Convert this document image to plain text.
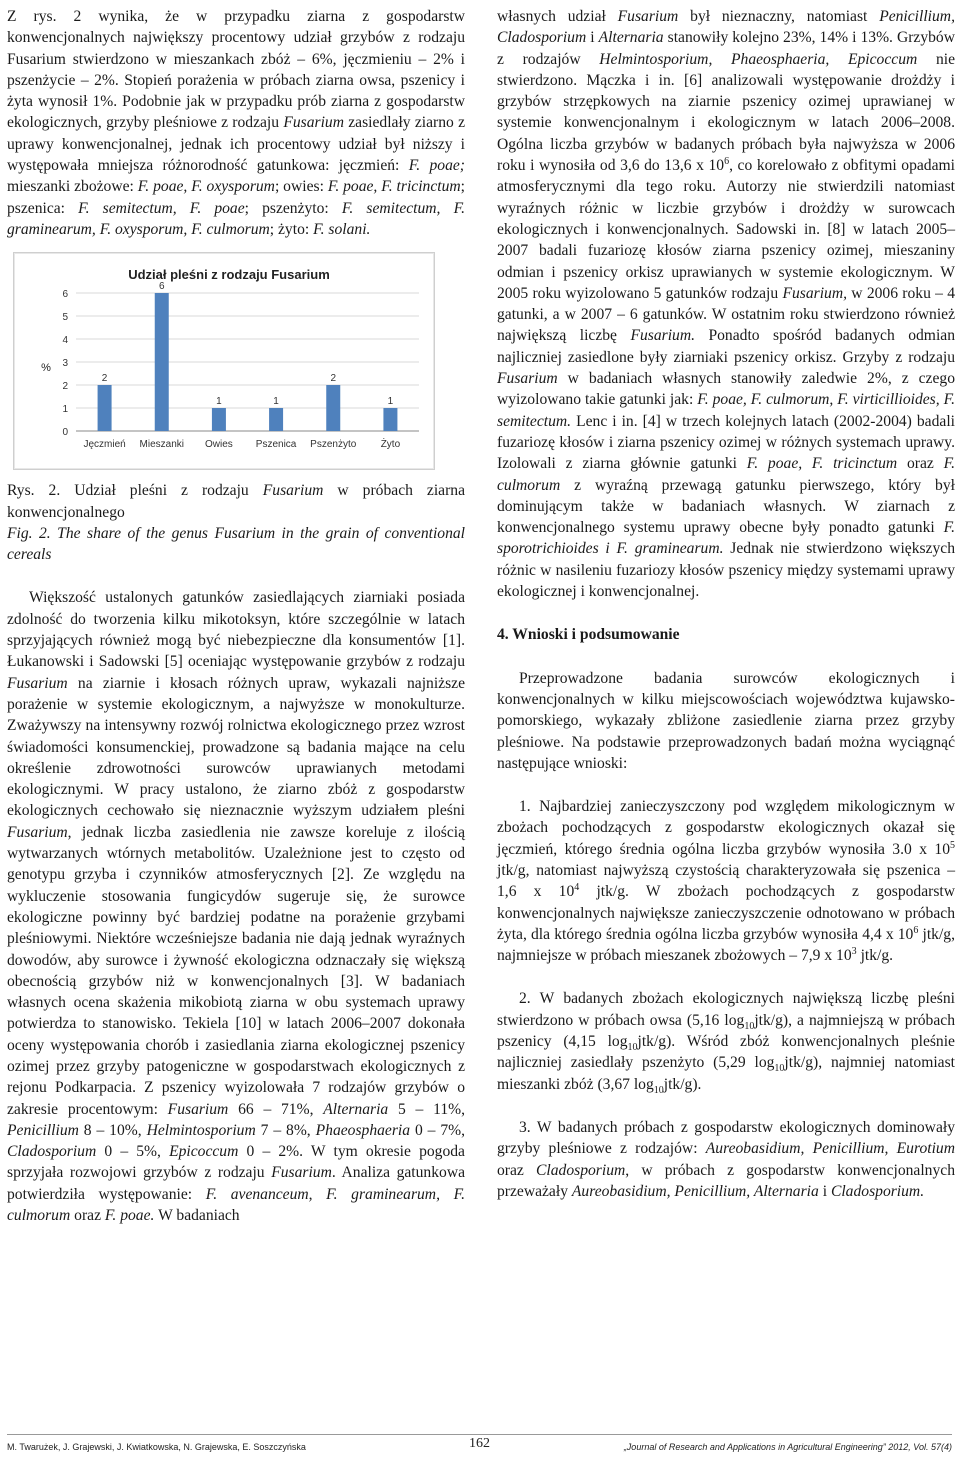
Z rys. 2 wynika, że w przypadku ziarna z gospodarstw konwencjonalnych największy procentowy udział grzybów z rodzaju Fusarium stwierdzono w mieszankach zbóż – 6%, jęczmieniu – 2% i pszenżycie – 2%. Stopień porażenia w próbach ziarna owsa, pszenicy i żyta wynosił 1%. Podobnie jak w przypadku prób ziarna z gospodarstw ekologicznych, grzyby pleśniowe z rodzaju Fusarium zasiedlały ziarno z uprawy konwencjonalnej, jednak ich procentowy udział był niższy i występowała mniejsza różnorodność gatunkowa: jęczmień: F. poae; mieszanki zbożowe: F. poae, F. oxysporum; owies: F. poae, F. tricinctum; pszenica: F. semitectum, F. poae; pszenżyto: F. semitectum, F. graminearum, F. oxysporum, F. culmorum; żyto: F. solani.

Udział pleśni z rodzaju Fusarium
%
2
6
1	1
2
1
0
1
2
3
4
5
6
Jęczmień Mieszanki Owies Pszenica Pszenżyto Żyto

Rys. 2. Udział pleśni z rodzaju Fusarium w próbach ziarna konwencjonalnego

Fig. 2. The share of the genus Fusarium in the grain of conventional cereals

Większość ustalonych gatunków zasiedlających ziarniaki posiada zdolność do tworzenia kilku mikotoksyn, które szczególnie w latach sprzyjających również mogą być niebezpieczne dla konsumentów [1]. Łukanowski i Sadowski [5] oceniając występowanie grzybów z rodzaju Fusarium na ziarnie i kłosach różnych upraw, wykazali najniższe porażenie w systemie ekologicznym, a najwyższe w monokulturze. Zważywszy na intensywny rozwój rolnictwa ekologicznego przez wzrost świadomości konsumenckiej, prowadzone są badania mające na celu określenie zdrowotności surowców uprawianych metodami ekologicznymi. W pracy ustalono, że ziarno zbóż z gospodarstw ekologicznych cechowało się nieznacznie wyższym udziałem pleśni Fusarium, jednak liczba zasiedlenia nie zawsze koreluje z ilością wytwarzanych wtórnych metabolitów. Uzależnione jest to często od genotypu grzyba i czynników atmosferycznych [2]. Ze względu na wykluczenie stosowania fungicydów sugeruje się, że surowce ekologiczne powinny być bardziej podatne na porażenie grzybami pleśniowymi. Niektóre wcześniejsze badania nie dają jednak wyraźnych dowodów, aby surowce i żywność ekologiczna odznaczały się większą obecnością grzybów niż w konwencjonalnych [3]. W badaniach własnych ocena skażenia mikobiotą ziarna w obu systemach uprawy potwierdza to stanowisko. Tekiela [10] w latach 2006–2007 dokonała oceny występowania chorób i zasiedlania ziarna ekologicznej pszenicy ozimej przez grzyby patogeniczne w gospodarstwach ekologicznych z rejonu Podkarpacia. Z pszenicy wyizolowała 7 rodzajów grzybów o zakresie procentowym: Fusarium 66 – 71%, Alternaria 5 – 11%, Penicillium 8 – 10%, Helmintosporium 7 – 8%, Phaeosphaeria 0 – 7%, Cladosporium 0 – 5%, Epicoccum 0 – 2%. W tym okresie pogoda sprzyjała rozwojowi grzybów z rodzaju Fusarium. Analiza gatunkowa potwierdziła występowanie: F. avenanceum, F. graminearum, F. culmorum oraz F. poae. W badaniach

własnych udział Fusarium był nieznaczny, natomiast Penicillium, Cladosporium i Alternaria stanowiły kolejno 23%, 14% i 13%. Grzybów z rodzajów Helmintosporium, Phaeosphaeria, Epicoccum nie stwierdzono. Mączka i in. [6] analizowali występowanie drożdży i grzybów strzępkowych na ziarnie pszenicy ozimej uprawianej w systemie konwencjonalnym i ekologicznym w latach 2006–2008. Ogólna liczba grzybów w badanych próbach była najwyższa w 2006 roku i wynosiła od 3,6 do 13,6 x $10^6$, co korelowało z obfitymi opadami atmosferycznymi dla tego roku. Autorzy nie stwierdzili natomiast wyraźnych różnic w liczbie grzybów i drożdży w surowcach ekologicznych i konwencjonalnych. Sadowski in. [8] w latach 2005–2007 badali fuzariozę kłosów ziarna pszenicy ozimej, mieszaniny odmian i pszenicy orkisz uprawianych w systemie ekologicznym. W 2005 roku wyizolowano 5 gatunków rodzaju Fusarium, w 2006 roku – 4 gatunki, a w 2007 – 6 gatunków. W ostatnim roku stwierdzono również największą liczbę Fusarium. Ponadto spośród badanych odmian najliczniej zasiedlone były ziarniaki pszenicy orkisz. Grzyby z rodzaju Fusarium w badaniach własnych stanowiły zaledwie 2%, z czego wyizolowano takie gatunki jak: F. poae, F. culmorum, F. virticillioides, F. semitectum. Lenc i in. [4] w trzech kolejnych latach (2002-2004) badali fuzariozę kłosów i ziarna pszenicy ozimej w różnych systemach uprawy. Izolowali z ziarna głównie gatunki F. poae, F. tricinctum oraz F. culmorum z wyraźną przewagą gatunku pierwszego, który był dominującym także w badaniach własnych. W ziarnach z konwencjonalnego systemu uprawy obecne były ponadto gatunki F. sporotrichioides i F. graminearum. Jednak nie stwierdzono większych różnic w nasileniu fuzariozy kłosów pszenicy między systemami uprawy ekologicznej i konwencjonalnej.

4. Wnioski i podsumowanie

Przeprowadzone badania surowców ekologicznych i konwencjonalnych w kilku miejscowościach województwa kujawsko-pomorskiego, wykazały zbliżone zasiedlenie ziarna przez grzyby pleśniowe. Na podstawie przeprowadzonych badań można wyciągnąć następujące wnioski:

1. Najbardziej zanieczyszczony pod względem mikologicznym w zbożach pochodzących z gospodarstw ekologicznych okazał się jęczmień, którego średnia ogólna liczba grzybów wynosiła 3.0 x $10^5$ jtk/g, natomiast najwyższą czystością charakteryzowała się pszenica – 1,6 x $10^4$ jtk/g. W zbożach pochodzących z gospodarstw konwencjonalnych największe zanieczyszczenie odnotowano w próbach żyta, dla którego średnia ogólna liczba grzybów wynosiła 4,4 x $10^6$ jtk/g, najmniejsze w próbach mieszanek zbożowych – 7,9 x $10^3$ jtk/g.

2. W badanych zbożach ekologicznych największą liczbę pleśni stwierdzono w próbach owsa (5,16 $\log_{10}jtk/g$), a najmniejszą w próbach pszenicy (4,15 $\log_{10}jtk/g$). Wśród zbóż konwencjonalnych pleśnie najliczniej zasiedlały pszenżyto (5,29 $\log_{10}jtk/g$), najmniej natomiast mieszanki zbóż (3,67 $\log_{10}jtk/g$).

3. W badanych próbach z gospodarstw ekologicznych dominowały grzyby pleśniowe z rodzajów: Aureobasidium, Penicillium, Eurotium oraz Cladosporium, w próbach z gospodarstw konwencjonalnych przeważały Aureobasidium, Penicillium, Alternaria i Cladosporium.

M. Twarużek, J. Grajewski, J. Kwiatkowska, N. Grajewska, E. Soszczyńska	162	„Journal of Research and Applications in Agricultural Engineering” 2012, Vol. 57(4)
